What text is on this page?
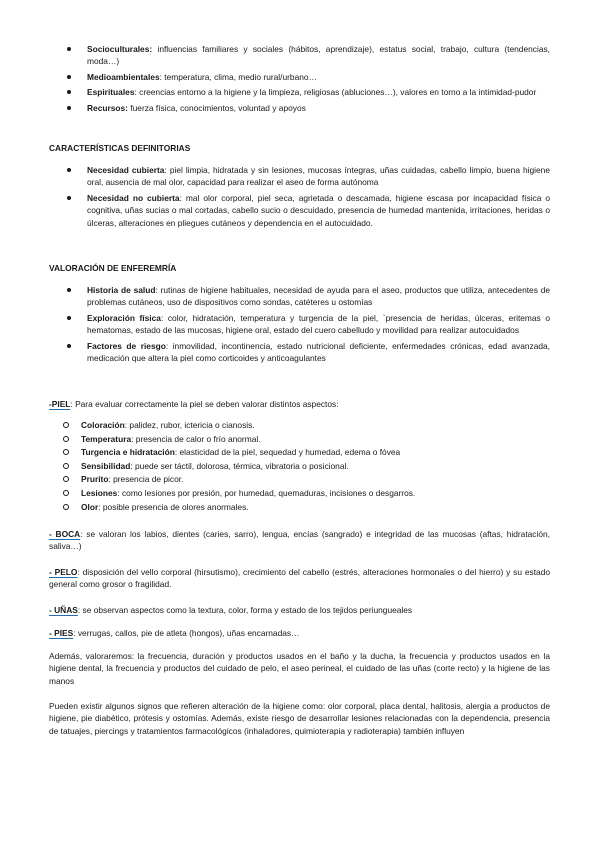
Socioculturales: influencias familiares y sociales (hábitos, aprendizaje), estatus social, trabajo, cultura (tendencias, moda…)
Medioambientales: temperatura, clima, medio rural/urbano…
Espirituales: creencias entorno a la higiene y la limpieza, religiosas (abluciones…), valores en torno a la intimidad-pudor
Recursos: fuerza física, conocimientos, voluntad y apoyos
CARACTERÍSTICAS DEFINITORIAS
Necesidad cubierta: piel limpia, hidratada y sin lesiones, mucosas íntegras, uñas cuidadas, cabello limpio, buena higiene oral, ausencia de mal olor, capacidad para realizar el aseo de forma autónoma
Necesidad no cubierta: mal olor corporal, piel seca, agrietada o descamada, higiene escasa por incapacidad física o cognitiva, uñas sucias o mal cortadas, cabello sucio o descuidado, presencia de humedad mantenida, irritaciones, heridas o úlceras, alteraciones en pliegues cutáneos y dependencia en el autocuidado.
VALORACIÓN DE ENFEREMRÍA
Historia de salud: rutinas de higiene habituales, necesidad de ayuda para el aseo, productos que utiliza, antecedentes de problemas cutáneos, uso de dispositivos como sondas, catéteres u ostomías
Exploración física: color, hidratación, temperatura y turgencia de la piel, `presencia de heridas, úlceras, eritemas o hematomas, estado de las mucosas, higiene oral, estado del cuero cabelludo y movilidad para realizar autocuidados
Factores de riesgo: inmovilidad, incontinencia, estado nutricional deficiente, enfermedades crónicas, edad avanzada, medicación que altera la piel como corticoides y anticoagulantes
-PIEL: Para evaluar correctamente la piel se deben valorar distintos aspectos:
Coloración: palidez, rubor, ictericia o cianosis.
Temperatura: presencia de calor o frío anormal.
Turgencia e hidratación: elasticidad de la piel, sequedad y humedad, edema o fóvea
Sensibilidad: puede ser táctil, dolorosa, térmica, vibratoria o posicional.
Prurito: presencia de picor.
Lesiones: como lesiones por presión, por humedad, quemaduras, incisiones o desgarros.
Olor: posible presencia de olores anormales.

- BOCA: se valoran los labios, dientes (caries, sarro), lengua, encías (sangrado) e integridad de las mucosas (aftas, hidratación, saliva…)

- PELO: disposición del vello corporal (hirsutismo), crecimiento del cabello (estrés, alteraciones hormonales o del hierro) y su estado general como grosor o fragilidad.

- UÑAS: se observan aspectos como la textura, color, forma y estado de los tejidos periungueales

- PIES: verrugas, callos, pie de atleta (hongos), uñas encarnadas…

Además, valoraremos: la frecuencia, duración y productos usados en el baño y la ducha, la frecuencia y productos usados en la higiene dental, la frecuencia y productos del cuidado de pelo, el aseo perineal, el cuidado de las uñas (corte recto) y la higiene de las manos

Pueden existir algunos signos que refieren alteración de la higiene como: olor corporal, placa dental, halitosis, alergia a productos de higiene, pie diabético, prótesis y ostomías. Además, existe riesgo de desarrollar lesiones relacionadas con la dependencia, presencia de tatuajes, piercings y tratamientos farmacológicos (inhaladores, quimioterapia y radioterapia) también influyen
